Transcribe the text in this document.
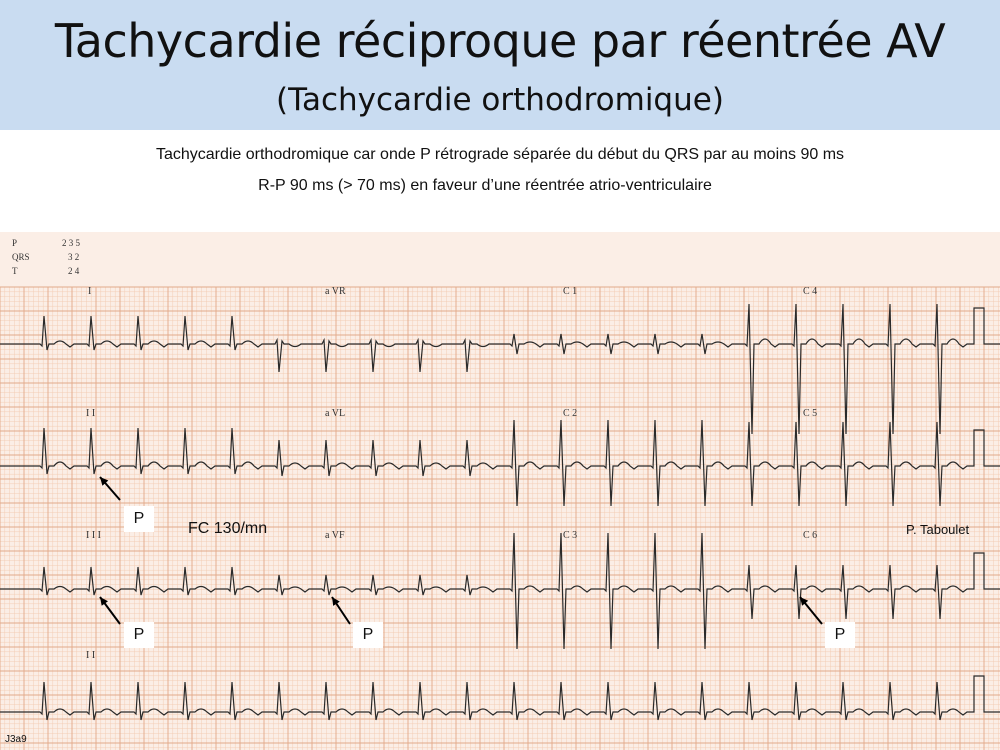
Tachycardie réciproque par réentrée AV
(Tachycardie orthodromique)
Tachycardie orthodromique car onde P rétrograde séparée du début du QRS par au moins 90 ms
R-P 90 ms (> 70 ms) en faveur d’une réentrée atrio-ventriculaire
P	2 3 5
QRS	3 2
T	2 4
I
I I
I I I
I I
a VR
a VL
a VF
C 1
C 2
C 3
C 4
C 5
C 6
P
P	P	P
FC 130/mn	P. Taboulet
J3a9
